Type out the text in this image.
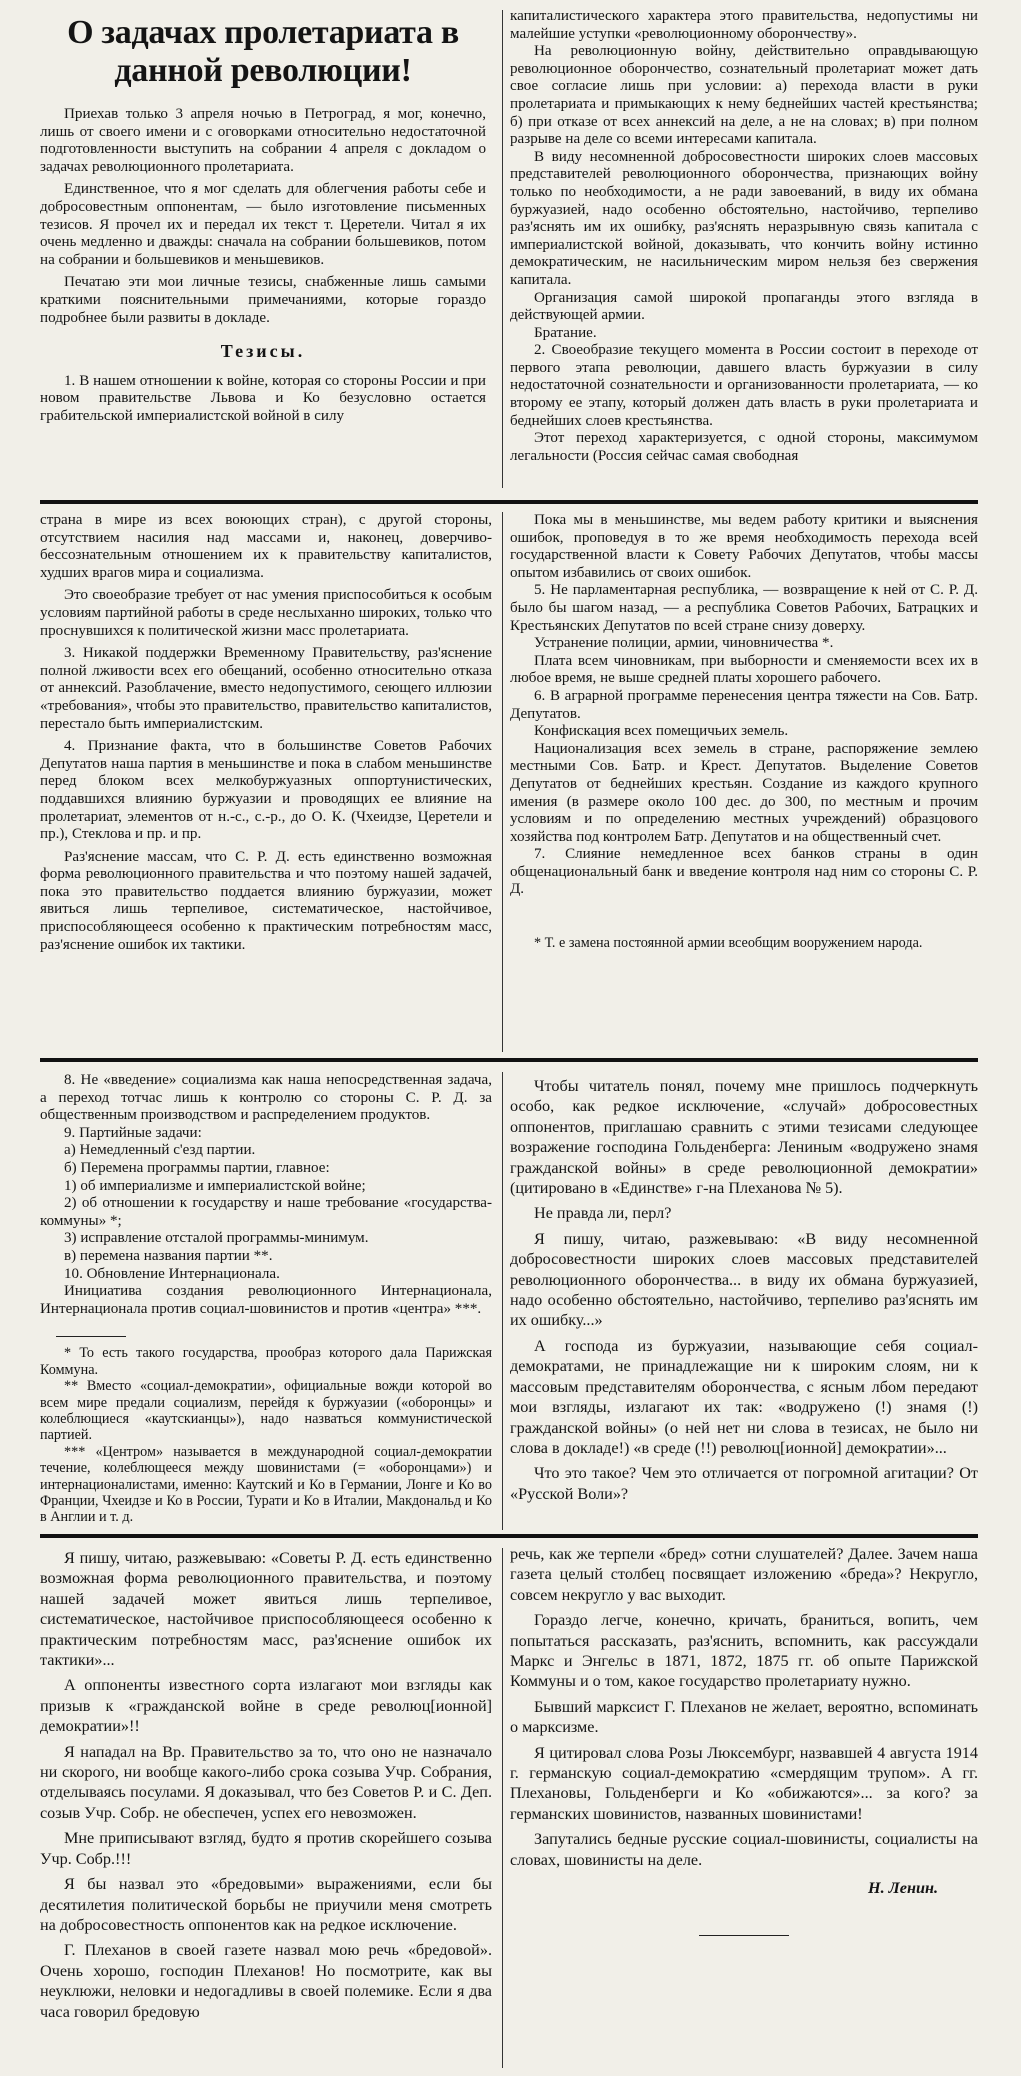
О задачах пролетариата в данной революции!

Приехав только 3 апреля ночью в Петроград, я мог, конечно, лишь от своего имени и с оговорками относительно недостаточной подготовленности выступить на собрании 4 апреля с докладом о задачах революционного пролетариата.

Единственное, что я мог сделать для облегчения работы себе и добросовестным оппонентам, — было изготовление письменных тезисов. Я прочел их и передал их текст т. Церетели. Читал я их очень медленно и дважды: сначала на собрании большевиков, потом на собрании и большевиков и меньшевиков.

Печатаю эти мои личные тезисы, снабженные лишь самыми краткими пояснительными примечаниями, которые гораздо подробнее были развиты в докладе.

Тезисы.

1. В нашем отношении к войне, которая со стороны России и при новом правительстве Львова и Ко безусловно остается грабительской империалистской войной в силу

капиталистического характера этого правительства, недопустимы ни малейшие уступки «революционному оборончеству».

На революционную войну, действительно оправдывающую революционное оборончество, сознательный пролетариат может дать свое согласие лишь при условии: а) перехода власти в руки пролетариата и примыкающих к нему беднейших частей крестьянства; б) при отказе от всех аннексий на деле, а не на словах; в) при полном разрыве на деле со всеми интересами капитала.

В виду несомненной добросовестности широких слоев массовых представителей революционного оборончества, признающих войну только по необходимости, а не ради завоеваний, в виду их обмана буржуазией, надо особенно обстоятельно, настойчиво, терпеливо раз'яснять им их ошибку, раз'яснять неразрывную связь капитала с империалистской войной, доказывать, что кончить войну истинно демократическим, не насильническим миром нельзя без свержения капитала.

Организация самой широкой пропаганды этого взгляда в действующей армии.

Братание.

2. Своеобразие текущего момента в России состоит в переходе от первого этапа революции, давшего власть буржуазии в силу недостаточной сознательности и организованности пролетариата, — ко второму ее этапу, который должен дать власть в руки пролетариата и беднейших слоев крестьянства.

Этот переход характеризуется, с одной стороны, максимумом легальности (Россия сейчас самая свободная

страна в мире из всех воюющих стран), с другой стороны, отсутствием насилия над массами и, наконец, доверчиво-бессознательным отношением их к правительству капиталистов, худших врагов мира и социализма.

Это своеобразие требует от нас умения приспособиться к особым условиям партийной работы в среде неслыханно широких, только что проснувшихся к политической жизни масс пролетариата.

3. Никакой поддержки Временному Правительству, раз'яснение полной лживости всех его обещаний, особенно относительно отказа от аннексий. Разоблачение, вместо недопустимого, сеющего иллюзии «требования», чтобы это правительство, правительство капиталистов, перестало быть империалистским.

4. Признание факта, что в большинстве Советов Рабочих Депутатов наша партия в меньшинстве и пока в слабом меньшинстве перед блоком всех мелкобуржуазных оппортунистических, поддавшихся влиянию буржуазии и проводящих ее влияние на пролетариат, элементов от н.-с., с.-р., до О. К. (Чхеидзе, Церетели и пр.), Стеклова и пр. и пр.

Раз'яснение массам, что С. Р. Д. есть единственно возможная форма революционного правительства и что поэтому нашей задачей, пока это правительство поддается влиянию буржуазии, может явиться лишь терпеливое, систематическое, настойчивое, приспособляющееся особенно к практическим потребностям масс, раз'яснение ошибок их тактики.

Пока мы в меньшинстве, мы ведем работу критики и выяснения ошибок, проповедуя в то же время необходимость перехода всей государственной власти к Совету Рабочих Депутатов, чтобы массы опытом избавились от своих ошибок.

5. Не парламентарная республика, — возвращение к ней от С. Р. Д. было бы шагом назад, — а республика Советов Рабочих, Батрацких и Крестьянских Депутатов по всей стране снизу доверху.

Устранение полиции, армии, чиновничества *.

Плата всем чиновникам, при выборности и сменяемости всех их в любое время, не выше средней платы хорошего рабочего.

6. В аграрной программе перенесения центра тяжести на Сов. Батр. Депутатов.

Конфискация всех помещичьих земель.

Национализация всех земель в стране, распоряжение землею местными Сов. Батр. и Крест. Депутатов. Выделение Советов Депутатов от беднейших крестьян. Создание из каждого крупного имения (в размере около 100 дес. до 300, по местным и прочим условиям и по определению местных учреждений) образцового хозяйства под контролем Батр. Депутатов и на общественный счет.

7. Слияние немедленное всех банков страны в один общенациональный банк и введение контроля над ним со стороны С. Р. Д.

* Т. е замена постоянной армии всеобщим вооружением народа.

8. Не «введение» социализма как наша непосредственная задача, а переход тотчас лишь к контролю со стороны С. Р. Д. за общественным производством и распределением продуктов.

9. Партийные задачи:

а) Немедленный с'езд партии.

б) Перемена программы партии, главное:

1) об империализме и империалистской войне;

2) об отношении к государству и наше требование «государства-коммуны» *;

3) исправление отсталой программы-минимум.

в) перемена названия партии **.

10. Обновление Интернационала.

Инициатива создания революционного Интернационала, Интернационала против социал-шовинистов и против «центра» ***.

* То есть такого государства, прообраз которого дала Парижская Коммуна.

** Вместо «социал-демократии», официальные вожди которой во всем мире предали социализм, перейдя к буржуазии («оборонцы» и колеблющиеся «каутскианцы»), надо назваться коммунистической партией.

*** «Центром» называется в международной социал-демократии течение, колеблющееся между шовинистами (= «оборонцами») и интернационалистами, именно: Каутский и Ко в Германии, Лонге и Ко во Франции, Чхеидзе и Ко в России, Турати и Ко в Италии, Макдональд и Ко в Англии и т. д.

Чтобы читатель понял, почему мне пришлось подчеркнуть особо, как редкое исключение, «случай» добросовестных оппонентов, приглашаю сравнить с этими тезисами следующее возражение господина Гольденберга: Лениным «водружено знамя гражданской войны» в среде революционной демократии» (цитировано в «Единстве» г-на Плеханова № 5).

Не правда ли, перл?

Я пишу, читаю, разжевываю: «В виду несомненной добросовестности широких слоев массовых представителей революционного оборончества... в виду их обмана буржуазией, надо особенно обстоятельно, настойчиво, терпеливо раз'яснять им их ошибку...»

А господа из буржуазии, называющие себя социал-демократами, не принадлежащие ни к широким слоям, ни к массовым представителям оборончества, с ясным лбом передают мои взгляды, излагают их так: «водружено (!) знамя (!) гражданской войны» (о ней нет ни слова в тезисах, не было ни слова в докладе!) «в среде (!!) революц[ионной] демократии»...

Что это такое? Чем это отличается от погромной агитации? От «Русской Воли»?

Я пишу, читаю, разжевываю: «Советы Р. Д. есть единственно возможная форма революционного правительства, и поэтому нашей задачей может явиться лишь терпеливое, систематическое, настойчивое приспособляющееся особенно к практическим потребностям масс, раз'яснение ошибок их тактики»...

А оппоненты известного сорта излагают мои взгляды как призыв к «гражданской войне в среде революц[ионной] демократии»!!

Я нападал на Вр. Правительство за то, что оно не назначало ни скорого, ни вообще какого-либо срока созыва Учр. Собрания, отделываясь посулами. Я доказывал, что без Советов Р. и С. Деп. созыв Учр. Собр. не обеспечен, успех его невозможен.

Мне приписывают взгляд, будто я против скорейшего созыва Учр. Собр.!!!

Я бы назвал это «бредовыми» выражениями, если бы десятилетия политической борьбы не приучили меня смотреть на добросовестность оппонентов как на редкое исключение.

Г. Плеханов в своей газете назвал мою речь «бредовой». Очень хорошо, господин Плеханов! Но посмотрите, как вы неуклюжи, неловки и недогадливы в своей полемике. Если я два часа говорил бредовую

речь, как же терпели «бред» сотни слушателей? Далее. Зачем наша газета целый столбец посвящает изложению «бреда»? Некругло, совсем некругло у вас выходит.

Гораздо легче, конечно, кричать, браниться, вопить, чем попытаться рассказать, раз'яснить, вспомнить, как рассуждали Маркс и Энгельс в 1871, 1872, 1875 гг. об опыте Парижской Коммуны и о том, какое государство пролетариату нужно.

Бывший марксист Г. Плеханов не желает, вероятно, вспоминать о марксизме.

Я цитировал слова Розы Люксембург, назвавшей 4 августа 1914 г. германскую социал-демократию «смердящим трупом». А гг. Плехановы, Гольденберги и Ко «обижаются»... за кого? за германских шовинистов, названных шовинистами!

Запутались бедные русские социал-шовинисты, социалисты на словах, шовинисты на деле.

Н. Ленин.
